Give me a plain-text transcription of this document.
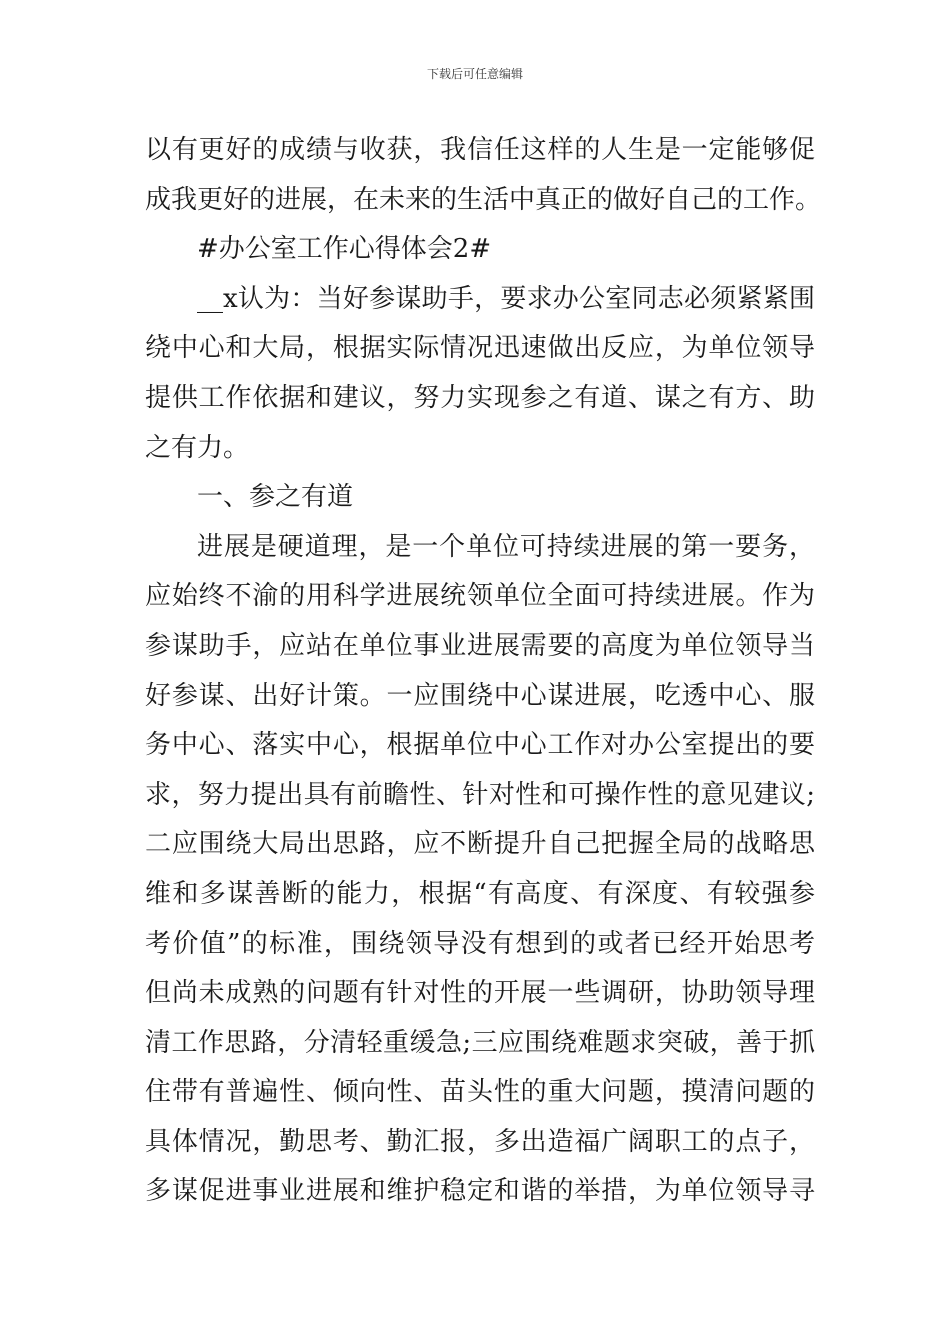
下载后可任意编辑
以有更好的成绩与收获，我信任这样的人生是一定能够促
成我更好的进展，在未来的生活中真正的做好自己的工作。
#办公室工作心得体会2#
__x认为：当好参谋助手，要求办公室同志必须紧紧围
绕中心和大局，根据实际情况迅速做出反应，为单位领导
提供工作依据和建议，努力实现参之有道、谋之有方、助
之有力。
一、参之有道
进展是硬道理，是一个单位可持续进展的第一要务，
应始终不渝的用科学进展统领单位全面可持续进展。作为
参谋助手，应站在单位事业进展需要的高度为单位领导当
好参谋、出好计策。一应围绕中心谋进展，吃透中心、服
务中心、落实中心，根据单位中心工作对办公室提出的要
求，努力提出具有前瞻性、针对性和可操作性的意见建议;
二应围绕大局出思路，应不断提升自己把握全局的战略思
维和多谋善断的能力，根据“有高度、有深度、有较强参
考价值”的标准，围绕领导没有想到的或者已经开始思考
但尚未成熟的问题有针对性的开展一些调研，协助领导理
清工作思路，分清轻重缓急;三应围绕难题求突破，善于抓
住带有普遍性、倾向性、苗头性的重大问题，摸清问题的
具体情况，勤思考、勤汇报，多出造福广阔职工的点子，
多谋促进事业进展和维护稳定和谐的举措，为单位领导寻
